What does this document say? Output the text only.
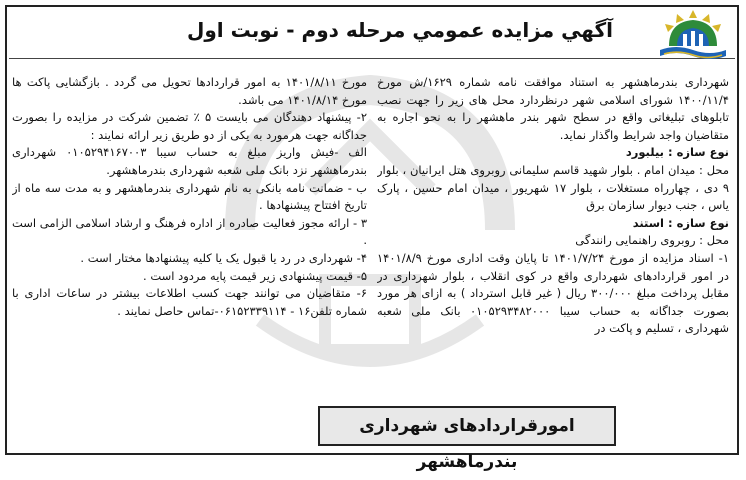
آگهي مزايده عمومي مرحله دوم - نوبت اول

شهرداری بندرماهشهر به استناد موافقت نامه شماره ۱۶۲۹/ش مورخ ۱۴۰۰/۱۱/۴ شورای اسلامی شهر درنظردارد محل های زیر را جهت نصب تابلوهای تبلیغاتی واقع در سطح شهر بندر ماهشهر را به نحو اجاره به متقاضیان واجد شرایط واگذار نماید.

نوع سازه : بیلبورد

محل : میدان امام . بلوار شهید قاسم سلیمانی روبروی هتل ایرانیان ، بلوار ۹ دی ، چهارراه مستغلات ، بلوار ۱۷ شهریور ، میدان امام حسین ، پارک یاس ، جنب دیوار سازمان برق

نوع سازه : استند

محل : روبروی راهنمایی رانندگی

۱- اسناد مزایده از مورخ ۱۴۰۱/۷/۲۴ تا پایان وقت اداری مورخ ۱۴۰۱/۸/۹ در امور قراردادهای شهرداری واقع در کوی انقلاب ، بلوار شهرداری در مقابل پرداخت مبلغ ۳۰۰/۰۰۰ ریال ( غیر قابل استرداد ) به ازای هر مورد بصورت جداگانه به حساب سیبا ۰۱۰۵۲۹۳۴۸۲۰۰۰ بانک ملی شعبه شهرداری ، تسلیم و پاکت در

مورخ ۱۴۰۱/۸/۱۱ به امور قراردادها تحویل می گردد . بازگشایی پاکت ها مورخ ۱۴۰۱/۸/۱۴ می باشد.

۲- پیشنهاد دهندگان می بایست ۵ ٪ تضمین شرکت در مزایده را بصورت جداگانه جهت هرمورد به یکی از دو طریق زیر ارائه نمایند :

الف -فیش واریز مبلغ به حساب سیبا ۰۱۰۵۲۹۴۱۶۷۰۰۳ شهرداری بندرماهشهر نزد بانک ملی شعبه شهرداری بندرماهشهر.

ب - ضمانت نامه بانکی به نام شهرداری بندرماهشهر و به مدت سه ماه از تاریخ افتتاح پیشنهادها .

۳ - ارائه مجوز فعالیت صادره از اداره فرهنگ و ارشاد اسلامی الزامی است .

۴- شهرداری در رد یا قبول یک یا کلیه پیشنهادها مختار است .

۵- قیمت پیشنهادی زیر قیمت پایه مردود است .

۶- متقاضیان می توانند جهت کسب اطلاعات بیشتر در ساعات اداری با شماره تلفن۱۶ - ۰۶۱۵۲۳۳۹۱۱۴-تماس حاصل نمایند .

امورقراردادهای شهرداری بندرماهشهر
